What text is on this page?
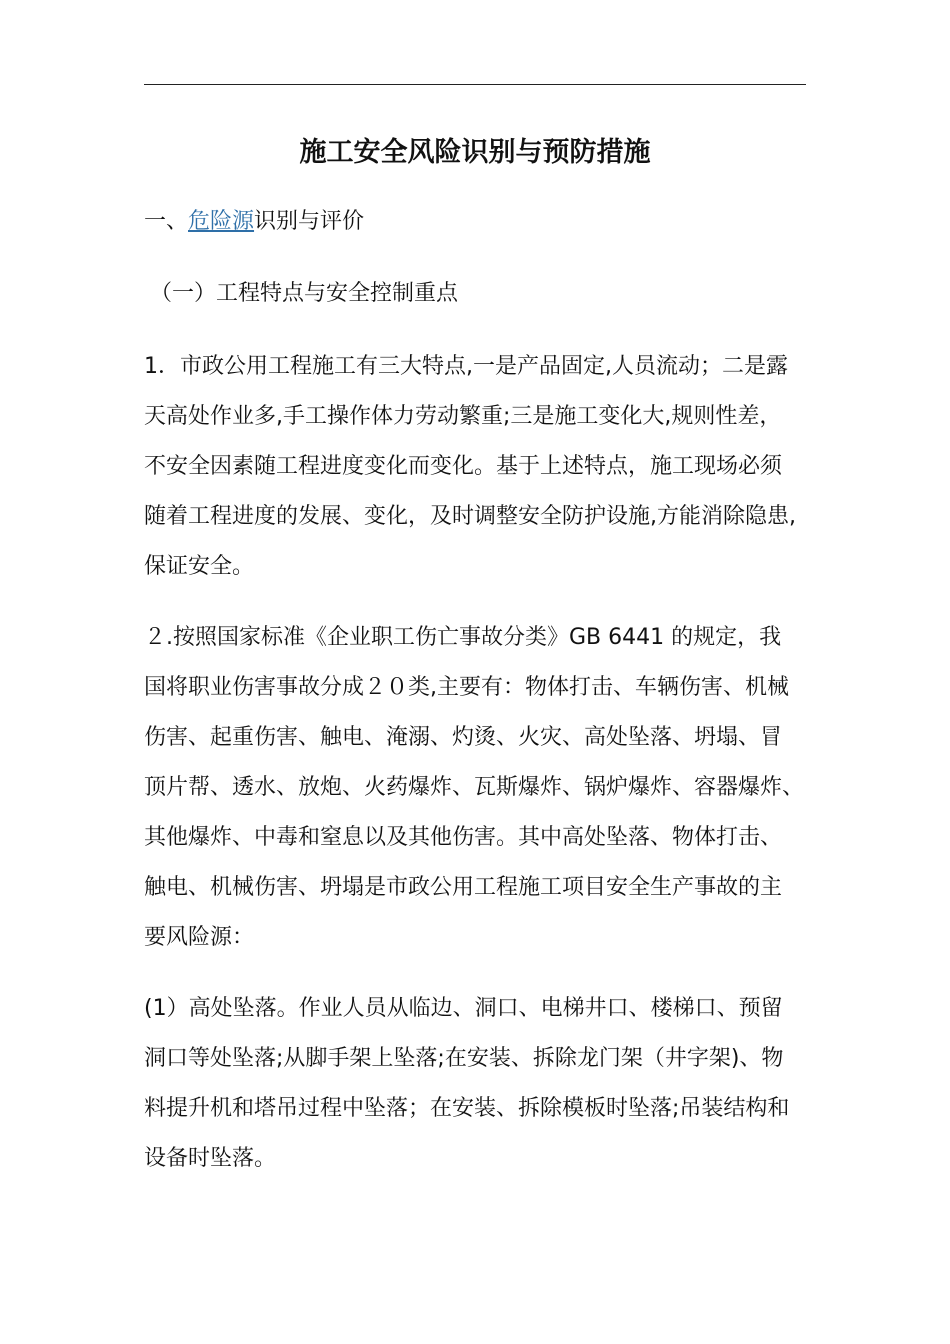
施工安全风险识别与预防措施
一、危险源识别与评价
（一）工程特点与安全控制重点
1．市政公用工程施工有三大特点,一是产品固定,人员流动；二是露
天高处作业多,手工操作体力劳动繁重;三是施工变化大,规则性差，
不安全因素随工程进度变化而变化。基于上述特点，施工现场必须
随着工程进度的发展、变化，及时调整安全防护设施,方能消除隐患,
保证安全。
２.按照国家标准《企业职工伤亡事故分类》GB 6441 的规定，我
国将职业伤害事故分成２０类,主要有：物体打击、车辆伤害、机械
伤害、起重伤害、触电、淹溺、灼烫、火灾、高处坠落、坍塌、冒
顶片帮、透水、放炮、火药爆炸、瓦斯爆炸、锅炉爆炸、容器爆炸、
其他爆炸、中毒和窒息以及其他伤害。其中高处坠落、物体打击、
触电、机械伤害、坍塌是市政公用工程施工项目安全生产事故的主
要风险源：
(1）高处坠落。作业人员从临边、洞口、电梯井口、楼梯口、预留
洞口等处坠落;从脚手架上坠落;在安装、拆除龙门架（井字架)、物
料提升机和塔吊过程中坠落；在安装、拆除模板时坠落;吊装结构和
设备时坠落。
